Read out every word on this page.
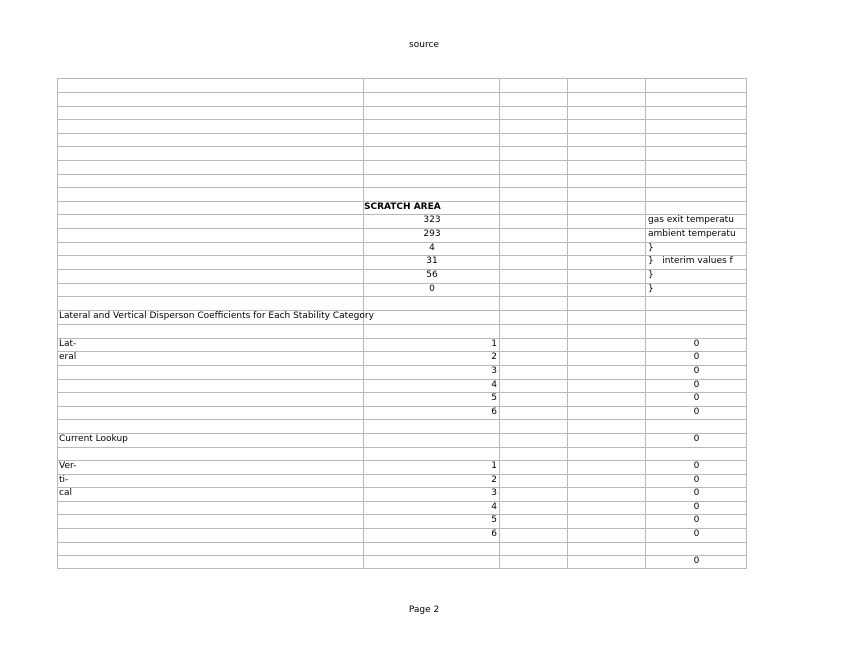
source
SCRATCH AREA
323
293
4
31
56
0
gas exit temperatu
ambient temperatu
}
}   interim values f
}
}
Lateral and Vertical Disperson Coefficients for Each Stability Category
Lat-
eral
1
2
3
4
5
6
0
0
0
0
0
0
Current Lookup	0
Ver-
ti-
cal
1
2
3
4
5
6
0
0
0
0
0
0
0
Page 2
